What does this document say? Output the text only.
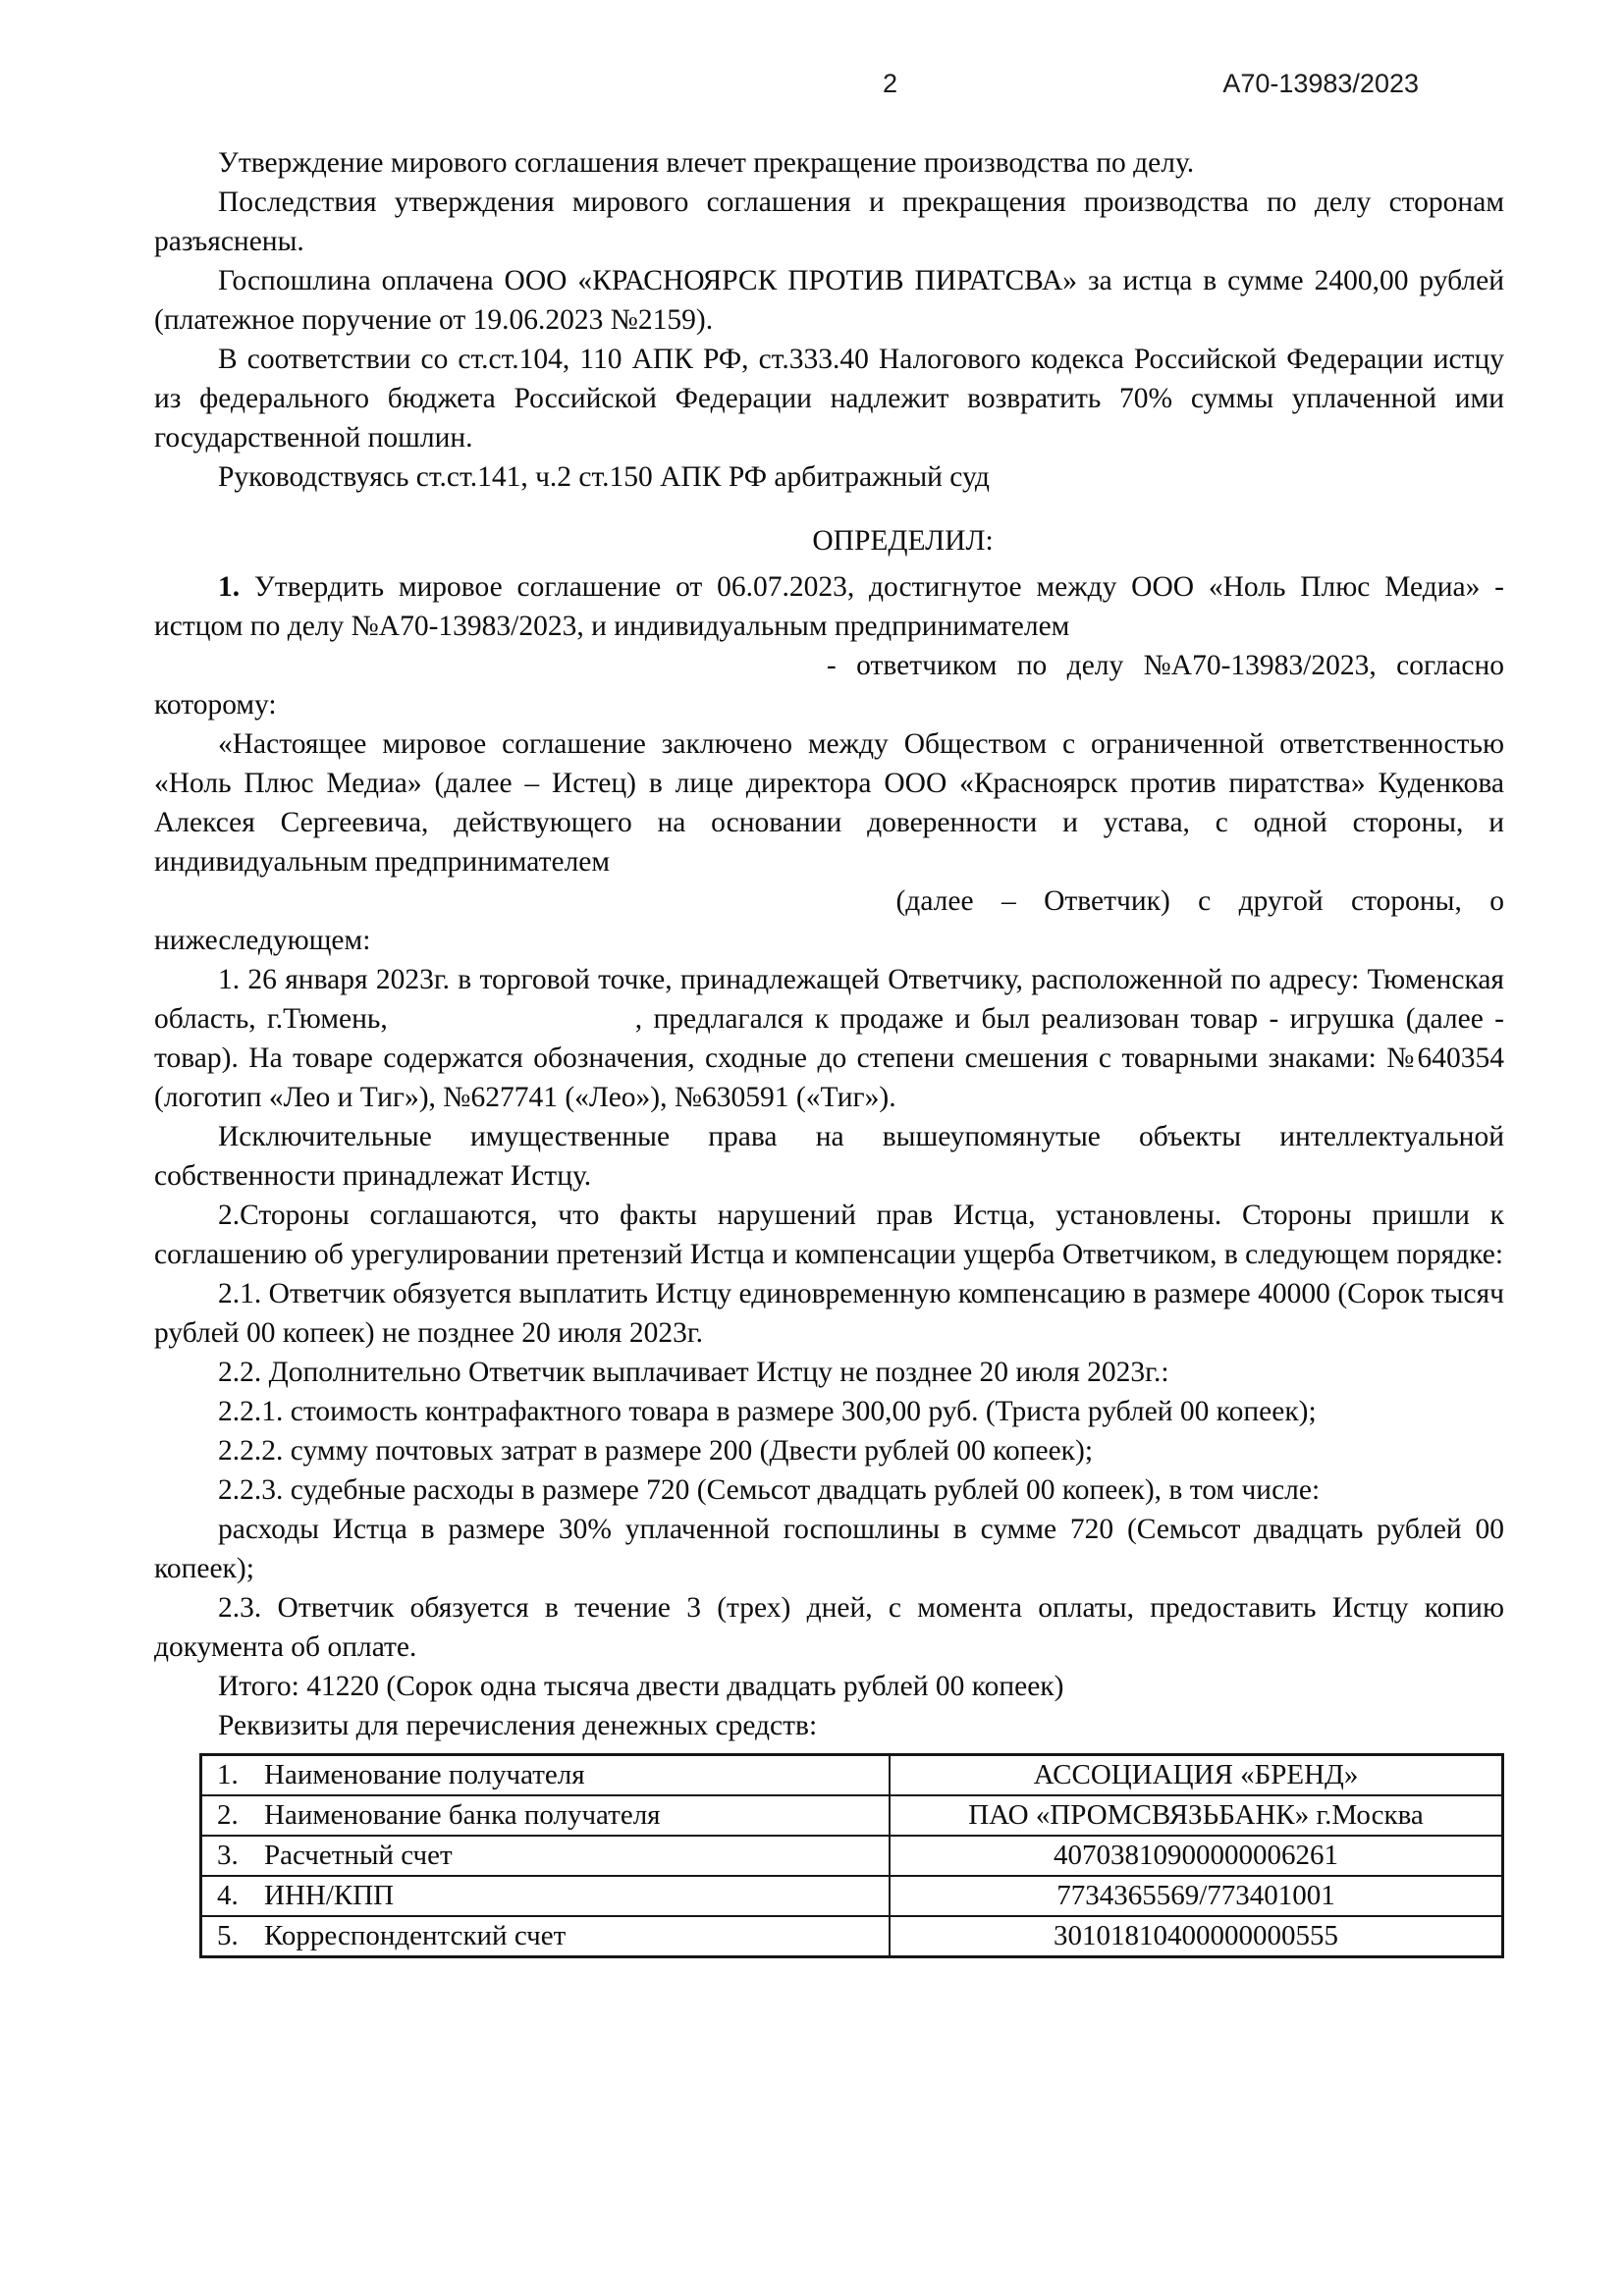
2	А70-13983/2023

Утверждение мирового соглашения влечет прекращение производства по делу.

Последствия утверждения мирового соглашения и прекращения производства по делу сторонам разъяснены.

Госпошлина оплачена ООО «КРАСНОЯРСК ПРОТИВ ПИРАТСВА» за истца в сумме 2400,00 рублей (платежное поручение от 19.06.2023 №2159).

В соответствии со ст.ст.104, 110 АПК РФ, ст.333.40 Налогового кодекса Российской Федерации истцу из федерального бюджета Российской Федерации надлежит возвратить 70% суммы уплаченной ими государственной пошлин.

Руководствуясь ст.ст.141, ч.2 ст.150 АПК РФ арбитражный суд

ОПРЕДЕЛИЛ:

1. Утвердить мировое соглашение от 06.07.2023, достигнутое между ООО «Ноль Плюс Медиа» - истцом по делу №А70-13983/2023, и индивидуальным предпринимателем

- ответчиком по делу №А70-13983/2023, согласно

которому:

«Настоящее мировое соглашение заключено между Обществом с ограниченной ответственностью «Ноль Плюс Медиа» (далее – Истец) в лице директора ООО «Красноярск против пиратства» Куденкова Алексея Сергеевича, действующего на основании доверенности и устава, с одной стороны, и индивидуальным предпринимателем

(далее – Ответчик) с другой стороны, о

нижеследующем:

1. 26 января 2023г. в торговой точке, принадлежащей Ответчику, расположенной по адресу: Тюменская область, г.Тюмень,	, предлагался к продаже и был реализован товар - игрушка (далее - товар). На товаре содержатся обозначения, сходные до степени смешения с товарными знаками: №640354 (логотип «Лео и Тиг»), №627741 («Лео»), №630591 («Тиг»).

Исключительные имущественные права на вышеупомянутые объекты интеллектуальной собственности принадлежат Истцу.

2.Стороны соглашаются, что факты нарушений прав Истца, установлены. Стороны пришли к соглашению об урегулировании претензий Истца и компенсации ущерба Ответчиком, в следующем порядке:

2.1. Ответчик обязуется выплатить Истцу единовременную компенсацию в размере 40000 (Сорок тысяч рублей 00 копеек) не позднее 20 июля 2023г.

2.2. Дополнительно Ответчик выплачивает Истцу не позднее 20 июля 2023г.:

2.2.1. стоимость контрафактного товара в размере 300,00 руб. (Триста рублей 00 копеек);

2.2.2. сумму почтовых затрат в размере 200 (Двести рублей 00 копеек);

2.2.3. судебные расходы в размере 720 (Семьсот двадцать рублей 00 копеек), в том числе:

расходы Истца в размере 30% уплаченной госпошлины в сумме 720 (Семьсот двадцать рублей 00 копеек);

2.3. Ответчик обязуется в течение 3 (трех) дней, с момента оплаты, предоставить Истцу копию документа об оплате.

Итого: 41220 (Сорок одна тысяча двести двадцать рублей 00 копеек)

Реквизиты для перечисления денежных средств:

1. Наименование получателя	АССОЦИАЦИЯ «БРЕНД»
2. Наименование банка получателя	ПАО «ПРОМСВЯЗЬБАНК» г.Москва
3. Расчетный счет	40703810900000006261
4. ИНН/КПП	7734365569/773401001
5. Корреспондентский счет	30101810400000000555
